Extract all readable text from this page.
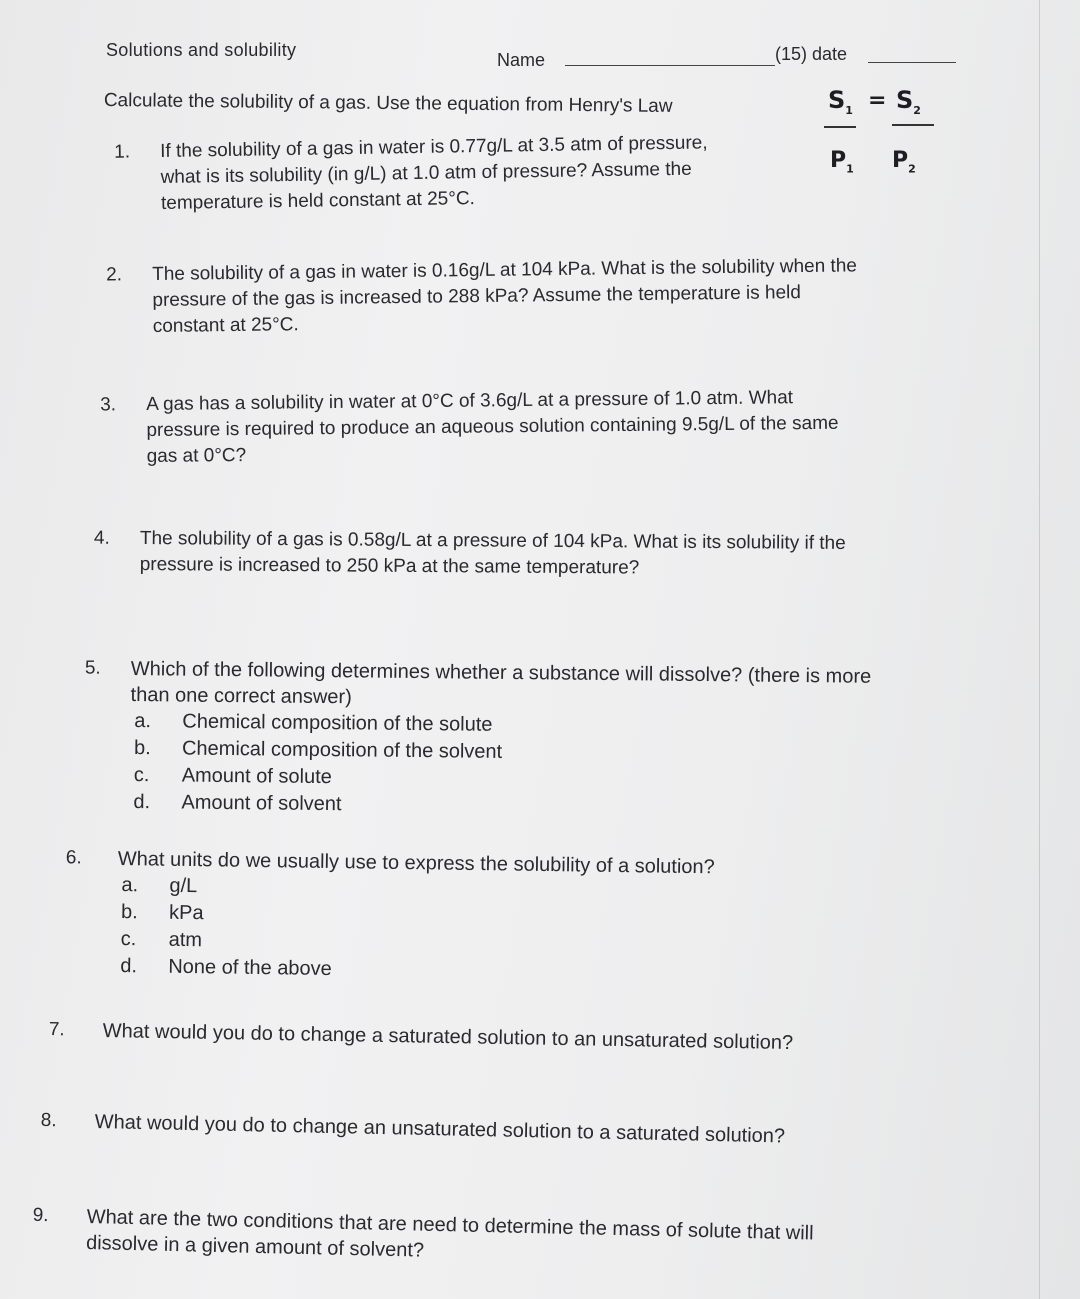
Solutions and solubility	Name	(15) date
Calculate the solubility of a gas. Use the equation from Henry's Law	$S_1 = S_2$
$P_1$ $P_2$
1. If the solubility of a gas in water is 0.77g/L at 3.5 atm of pressure,
what is its solubility (in g/L) at 1.0 atm of pressure? Assume the
temperature is held constant at 25°C.
2. The solubility of a gas in water is 0.16g/L at 104 kPa. What is the solubility when the
pressure of the gas is increased to 288 kPa? Assume the temperature is held
constant at 25°C.
3. A gas has a solubility in water at 0°C of 3.6g/L at a pressure of 1.0 atm. What
pressure is required to produce an aqueous solution containing 9.5g/L of the same
gas at 0°C?
4. The solubility of a gas is 0.58g/L at a pressure of 104 kPa. What is its solubility if the
pressure is increased to 250 kPa at the same temperature?
5. Which of the following determines whether a substance will dissolve? (there is more
than one correct answer)
a. Chemical composition of the solute
b. Chemical composition of the solvent
c. Amount of solute
d. Amount of solvent
6. What units do we usually use to express the solubility of a solution?
a. g/L
b. kPa
c. atm
d. None of the above
7. What would you do to change a saturated solution to an unsaturated solution?
8. What would you do to change an unsaturated solution to a saturated solution?
9. What are the two conditions that are need to determine the mass of solute that will
dissolve in a given amount of solvent?
